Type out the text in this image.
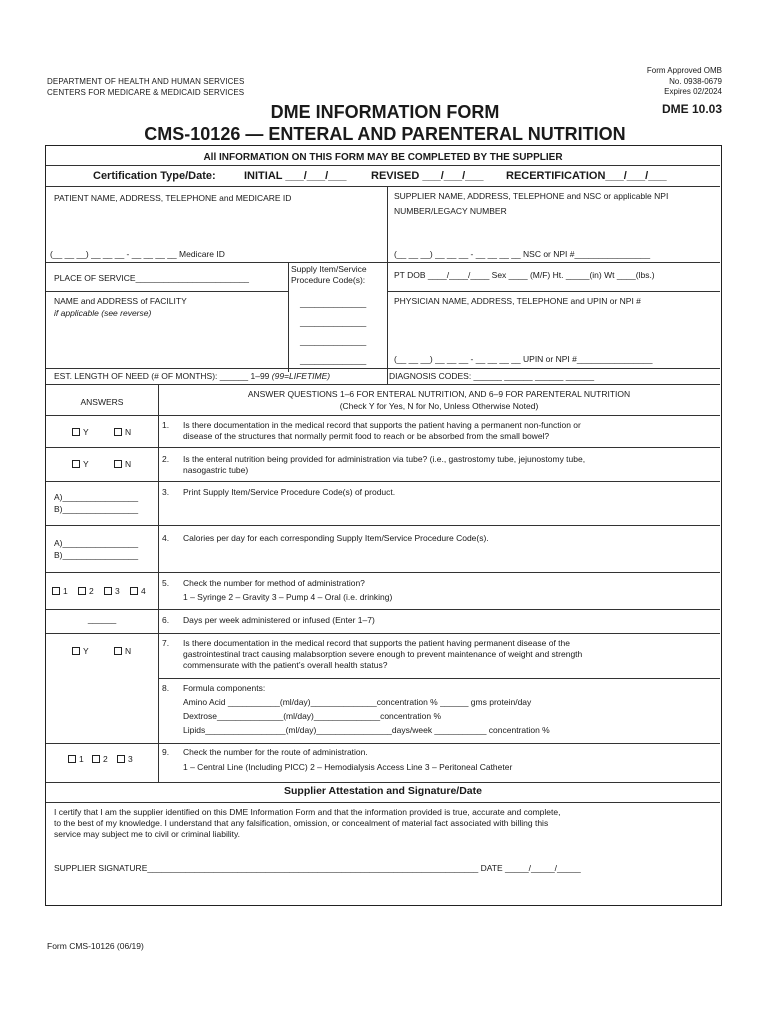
DEPARTMENT OF HEALTH AND HUMAN SERVICES
CENTERS FOR MEDICARE & MEDICAID SERVICES
Form Approved OMB
No. 0938-0679
Expires 02/2024
DME 10.03
DME INFORMATION FORM
CMS-10126 — ENTERAL AND PARENTERAL NUTRITION
All INFORMATION ON THIS FORM MAY BE COMPLETED BY THE SUPPLIER
Certification Type/Date:	INITIAL ___/___/___ REVISED ___/___/___ RECERTIFICATION___/___/___
PATIENT NAME, ADDRESS, TELEPHONE and MEDICARE ID
(__ __ __) __ __ __ - __ __ __ __ Medicare ID
SUPPLIER NAME, ADDRESS, TELEPHONE and NSC or applicable NPI
NUMBER/LEGACY NUMBER
(__ __ __) __ __ __ - __ __ __ __ NSC or NPI #________________
PLACE OF SERVICE________________________
Supply Item/Service
Procedure Code(s):	PT DOB ____/____/____ Sex ____ (M/F) Ht. _____(in) Wt ____(lbs.)
NAME and ADDRESS of FACILITY
if applicable (see reverse)
______________
______________
______________
______________
PHYSICIAN NAME, ADDRESS, TELEPHONE and UPIN or NPI #
(__ __ __) __ __ __ - __ __ __ __ UPIN or NPI #________________
EST. LENGTH OF NEED (# OF MONTHS): ______ 1–99 (99=LIFETIME)	DIAGNOSIS CODES: ______ ______ ______ ______
ANSWERS
ANSWER QUESTIONS 1–6 FOR ENTERAL NUTRITION, AND 6–9 FOR PARENTERAL NUTRITION
(Check Y for Yes, N for No, Unless Otherwise Noted)
Y	N
1. Is there documentation in the medical record that supports the patient having a permanent non-function or
disease of the structures that normally permit food to reach or be absorbed from the small bowel?
Y	N	2. Is the enteral nutrition being provided for administration via tube? (i.e., gastrostomy tube, jejunostomy tube,
nasogastric tube)
A)________________
B)________________
3. Print Supply Item/Service Procedure Code(s) of product.
A)________________
B)________________
4. Calories per day for each corresponding Supply Item/Service Procedure Code(s).
1	2	3	4
5. Check the number for method of administration?
1 – Syringe 2 – Gravity 3 – Pump 4 – Oral (i.e. drinking)
______	6. Days per week administered or infused (Enter 1–7)
Y	N
7. Is there documentation in the medical record that supports the patient having permanent disease of the
gastrointestinal tract causing malabsorption severe enough to prevent maintenance of weight and strength
commensurate with the patient’s overall health status?
8. Formula components:
Amino Acid ___________(ml/day)______________concentration % ______ gms protein/day
Dextrose______________(ml/day)______________concentration %
Lipids_________________(ml/day)________________days/week ___________ concentration %
1	2	3
9. Check the number for the route of administration.
1 – Central Line (Including PICC) 2 – Hemodialysis Access Line 3 – Peritoneal Catheter
Supplier Attestation and Signature/Date
I certify that I am the supplier identified on this DME Information Form and that the information provided is true, accurate and complete,
to the best of my knowledge. I understand that any falsification, omission, or concealment of material fact associated with billing this
service may subject me to civil or criminal liability.
SUPPLIER SIGNATURE______________________________________________________________________ DATE _____/_____/_____
Form CMS-10126 (06/19)
